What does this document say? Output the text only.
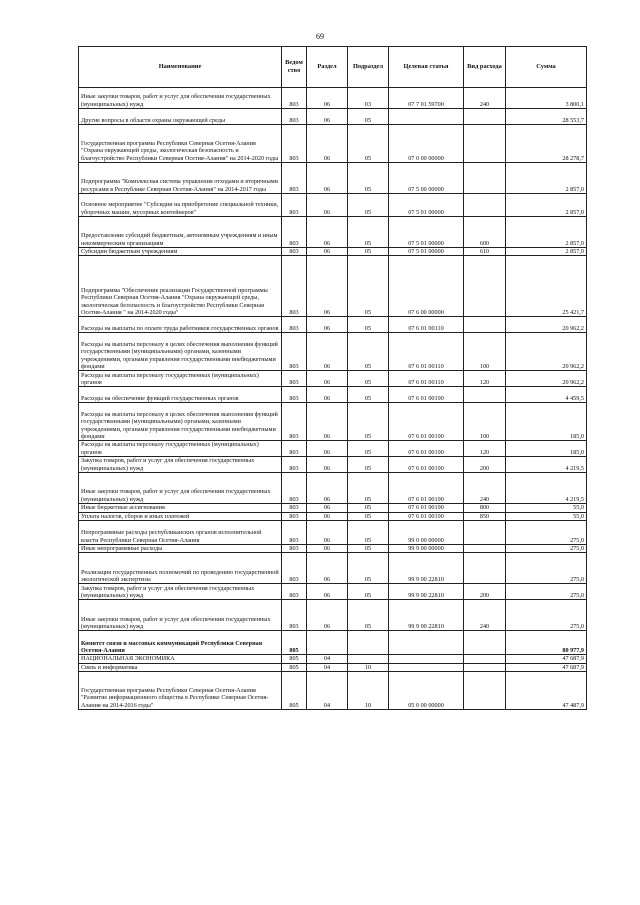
69
Наименование	Ведом ство	Раздел	Подраздел	Целевая статья	Вид расхода	Сумма
Иные закупки товаров, работ и услуг для обеспечения государственных (муниципальных) нужд	803	06	03	07 7 01 59700	240	3 800,1
Другие вопросы в области охраны окружающей среды	803	06	05			28 553,7
Государственная программа Республики Северная Осетия-Алания "Охрана окружающей среды, экологическая безопасность и благоустройство Республики Северная Осетия-Алания" на 2014-2020 годы	803	06	05	07 0 00 00000		28 278,7
Подпрограмма "Комплексная система управления отходами и вторичными ресурсами в Республике Северная Осетия-Алания" на 2014-2017 годы	803	06	05	07 5 00 00000		2 857,0
Основное мероприятие "Субсидии на приобретение специальной техники, уборочных машин, мусорных контейнеров"	803	06	05	07 5 01 00000		2 857,0
Предоставление субсидий бюджетным, автономным учреждениям и иным некоммерческим организациям	803	06	05	07 5 01 00000	600	2 857,0
Субсидии бюджетным учреждениям	803	06	05	07 5 01 00000	610	2 857,0
Подпрограмма "Обеспечение реализации Государственной программы Республики Северная Осетия-Алания "Охрана окружающей среды, экологическая безопасность и благоустройство Республики Северная Осетия-Алания " на 2014-2020 годы"	803	06	05	07 6 00 00000		25 421,7
Расходы на выплаты по оплате труда работников государственных органов	803	06	05	07 6 01 00110		20 962,2
Расходы на выплаты персоналу в целях обеспечения выполнения функций государственными (муниципальными) органами, казенными учреждениями, органами управления государственными внебюджетными фондами	803	06	05	07 6 01 00110	100	20 962,2
Расходы на выплаты персоналу государственных (муниципальных) органов	803	06	05	07 6 01 00110	120	20 962,2
Расходы на обеспечение функций государственных органов	803	06	05	07 6 01 00190		4 459,5
Расходы на выплаты персоналу в целях обеспечения выполнения функций государственными (муниципальными) органами, казенными учреждениями, органами управления государственными внебюджетными фондами	803	06	05	07 6 01 00190	100	185,0
Расходы на выплаты персоналу государственных (муниципальных) органов	803	06	05	07 6 01 00190	120	185,0
Закупка товаров, работ и услуг для обеспечения государственных (муниципальных) нужд	803	06	05	07 6 01 00190	200	4 219,5
Иные закупки товаров, работ и услуг для обеспечения государственных (муниципальных) нужд	803	06	05	07 6 01 00190	240	4 219,5
Иные бюджетные ассигнования	803	06	05	07 6 01 00190	800	55,0
Уплата налогов, сборов и иных платежей	803	06	05	07 6 01 00190	850	55,0
Непрограммные расходы республиканских органов исполнительной власти Республики Северная Осетия-Алания	803	06	05	99 0 00 00000		275,0
Иные непрограммные расходы	803	06	05	99 9 00 00000		275,0
Реализация государственных полномочий по проведению государственной экологической экспертизы	803	06	05	99 9 00 22810		275,0
Закупка товаров, работ и услуг для обеспечения государственных (муниципальных) нужд	803	06	05	99 9 00 22810	200	275,0
Иные закупки товаров, работ и услуг для обеспечения государственных (муниципальных) нужд	803	06	05	99 9 00 22810	240	275,0
Комитет связи и массовых коммуникаций Республики Северная Осетия-Алания	805					80 977,9
НАЦИОНАЛЬНАЯ ЭКОНОМИКА	805	04				47 687,9
Связь и информатика	805	04	10			47 687,9
Государственная программа Республики Северная Осетия-Алания "Развитие информационного общества в Республике Северная Осетия-Алания на 2014-2016 годы"	805	04	10	05 0 00 00000		47 487,9
